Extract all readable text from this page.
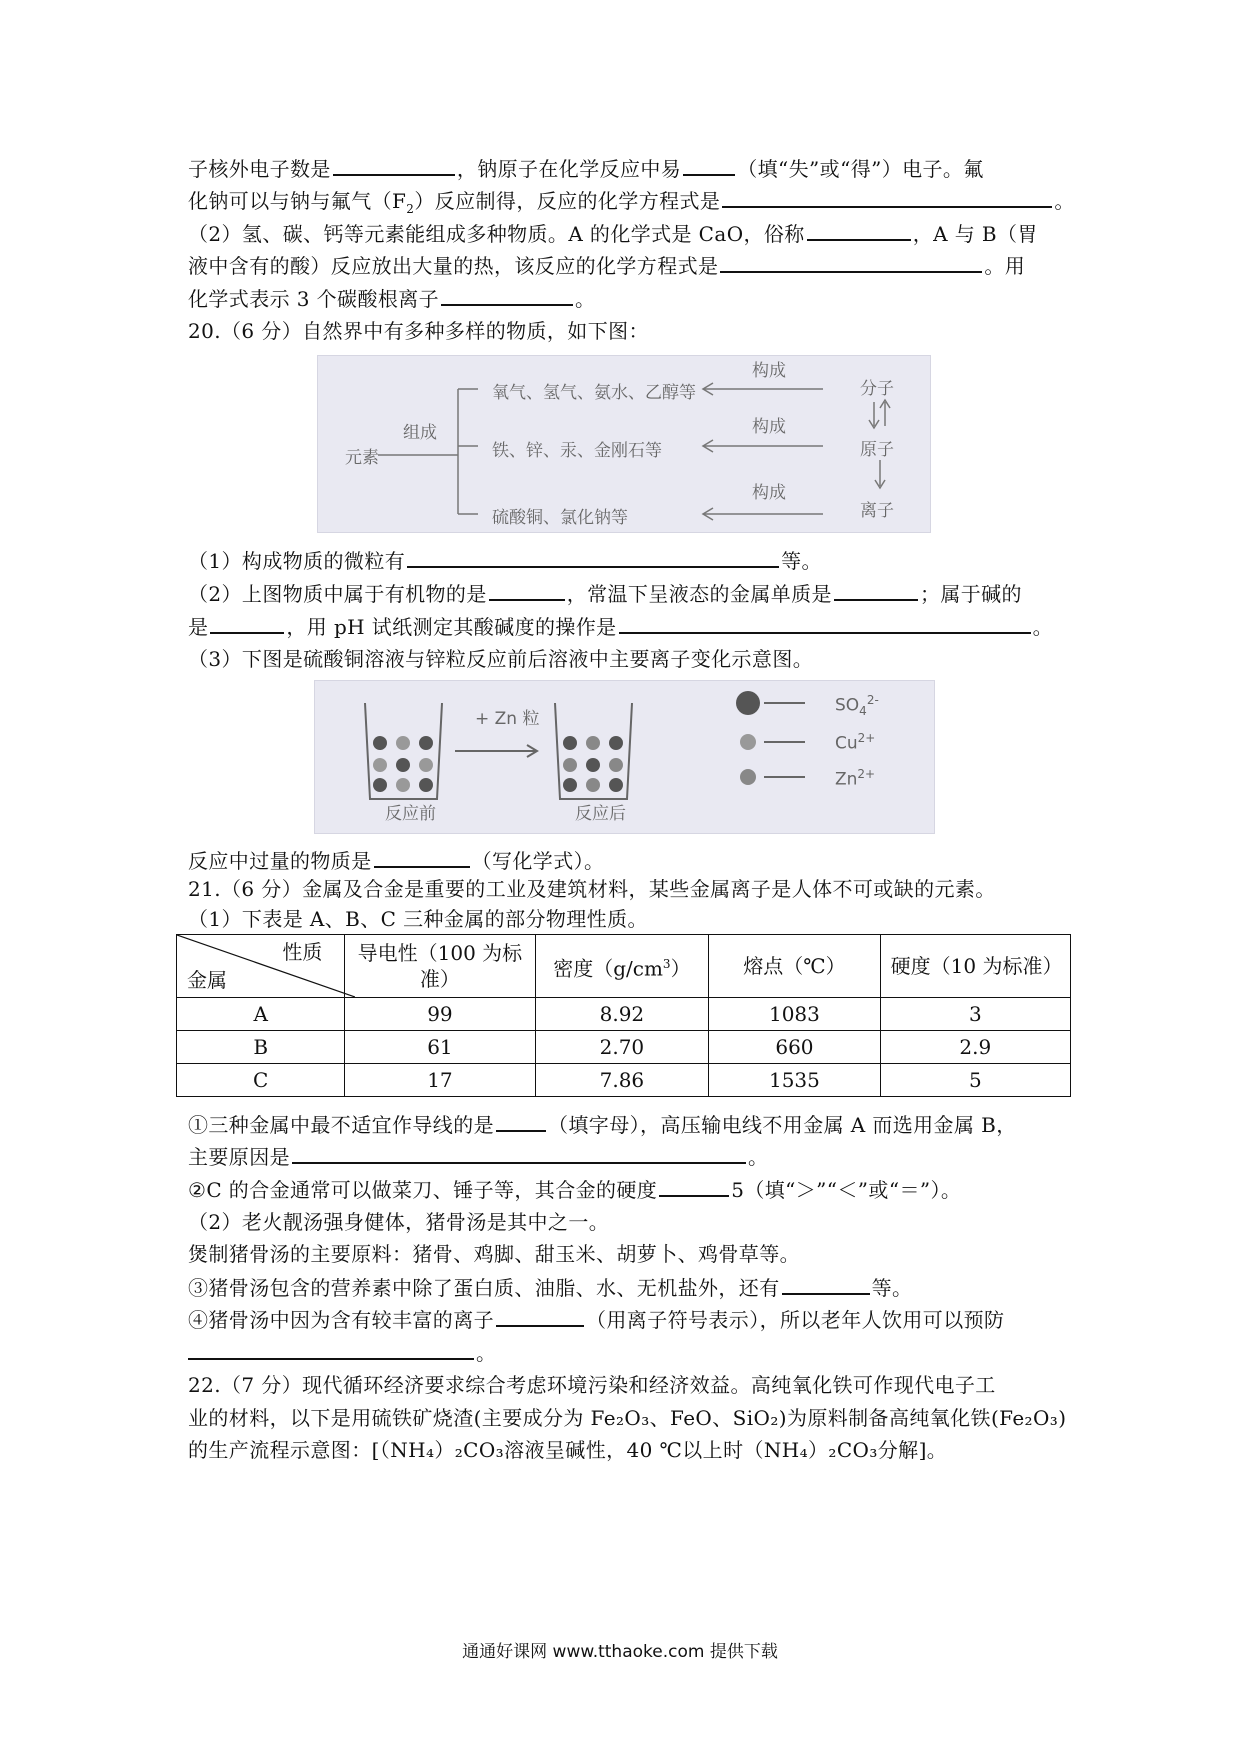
子核外电子数是	，钠原子在化学反应中易	（填“失”或“得”）电子。氟
化钠可以与钠与氟气$(F_2)$反应制得，反应的化学方程式是	。
（2）氢、碳、钙等元素能组成多种物质。A 的化学式是 CaO，俗称	，A 与 B（胃
液中含有的酸）反应放出大量的热，该反应的化学方程式是	。用
化学式表示 3 个碳酸根离子	。
20.（6 分）自然界中有多种多样的物质，如下图：
元素
组成
氧气、氢气、氨水、乙醇等
铁、锌、汞、金刚石等
硫酸铜、氯化钠等
构成
构成
构成
分子
原子
离子
（1）构成物质的微粒有	等。
（2）上图物质中属于有机物的是	，常温下呈液态的金属单质是	；属于碱的
是	，用 pH 试纸测定其酸碱度的操作是	。
（3）下图是硫酸铜溶液与锌粒反应前后溶液中主要离子变化示意图。
+ Zn 粒
反应前	反应后
$SO_4^{2-}$
$Cu^{2+}$
$Zn^{2+}$
反应中过量的物质是	（写化学式）。
21.（6 分）金属及合金是重要的工业及建筑材料，某些金属离子是人体不可或缺的元素。
（1）下表是 A、B、C 三种金属的部分物理性质。
性质
金属	导电性（100 为标准）	密度$(g/cm^3)$	熔点（℃）	硬度（10 为标准）
A	99	8.92	1083	3
B	61	2.70	660	2.9
C	17	7.86	1535	5
①三种金属中最不适宜作导线的是	（填字母），高压输电线不用金属 A 而选用金属 B，
主要原因是	。
②C 的合金通常可以做菜刀、锤子等，其合金的硬度	5（填“＞”“＜”或“＝”）。
（2）老火靓汤强身健体，猪骨汤是其中之一。
煲制猪骨汤的主要原料：猪骨、鸡脚、甜玉米、胡萝卜、鸡骨草等。
③猪骨汤包含的营养素中除了蛋白质、油脂、水、无机盐外，还有	等。
④猪骨汤中因为含有较丰富的离子	（用离子符号表示），所以老年人饮用可以预防
。
22.（7 分）现代循环经济要求综合考虑环境污染和经济效益。高纯氧化铁可作现代电子工
业的材料，以下是用硫铁矿烧渣(主要成分为 Fe₂O₃、FeO、SiO₂)为原料制备高纯氧化铁(Fe₂O₃)
的生产流程示意图：[（NH₄）₂CO₃溶液呈碱性，40 ℃以上时（NH₄）₂CO₃分解]。
通通好课网 www.tthaoke.com 提供下载
